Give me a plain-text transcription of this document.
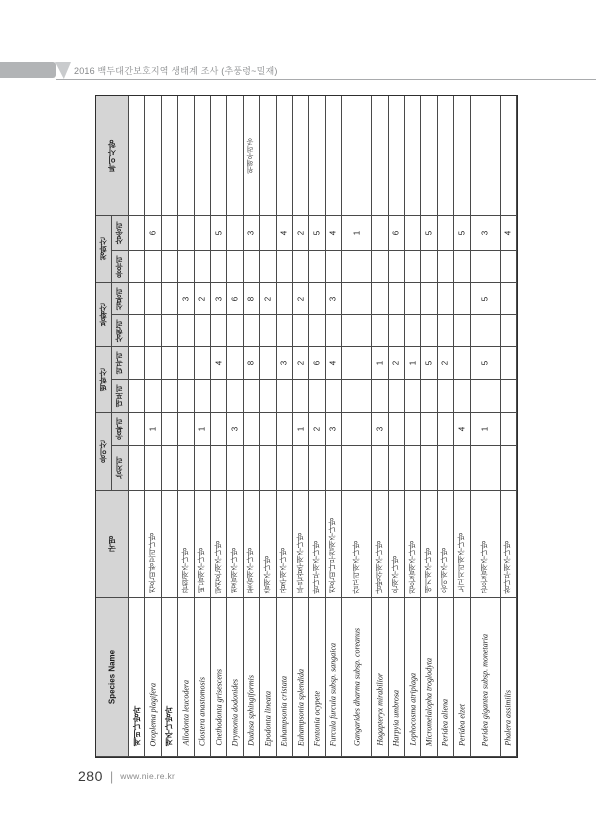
2016 백두대간보호지역 생태계 조사 (추풍령~밀재)
특이사항
청화산
삼송리
용유리
봉황산
심봉리
상현리
백학산
덕곡리
대포리
용이산
웅북리
능치리
국명
Species Name
제비나방과
6
1
검은띠쌍꼬리나방
Oroplema plagifera 재주나방과
3
끝흰재주나방
Allodonta leucodera
2
1
버들재주나방
Clostera anastomosis
5
3
4
뒷검은재주나방
Cnethodonta grisescens
6
3
점줄재주나방
Drymonia dodonides
위해우려종
3
8
8
꽃술재주나방
Dudusa sphingiformis
2
줄재주나방
Epodonta lineata
4
3
곱추재주나방
Euhampsonia cristata
2
2
2
1
푸른곱추재주나방
Euhampsonia splendida
5
6
2
밤나무재주나방
Fentonia ocypete
4
3
4
3
검은띠나무결재주나방
Furcula furcula subsp. sangaica
1
갈고리재주나방
Gangarides dharma subsp. coreanus
1
3
남방쉬재주나방
Hagapteryx mirabilior
6
2
은재주나방
Harpyia umbrosa
1
검은줄재주나방
Lophocosma atriplaga
5
5
애기재주나방
Micromelalopha troglodyta
2
옹이재주나방
Peridea aliena
5
4
노고지리재주나방
Peridea elzet
3
5
5
1
곧은줄재주나방
Peridea gigantea subsp. monetaria
4
참나무재주나방
Phalera assimilis
280 | www.nie.re.kr
